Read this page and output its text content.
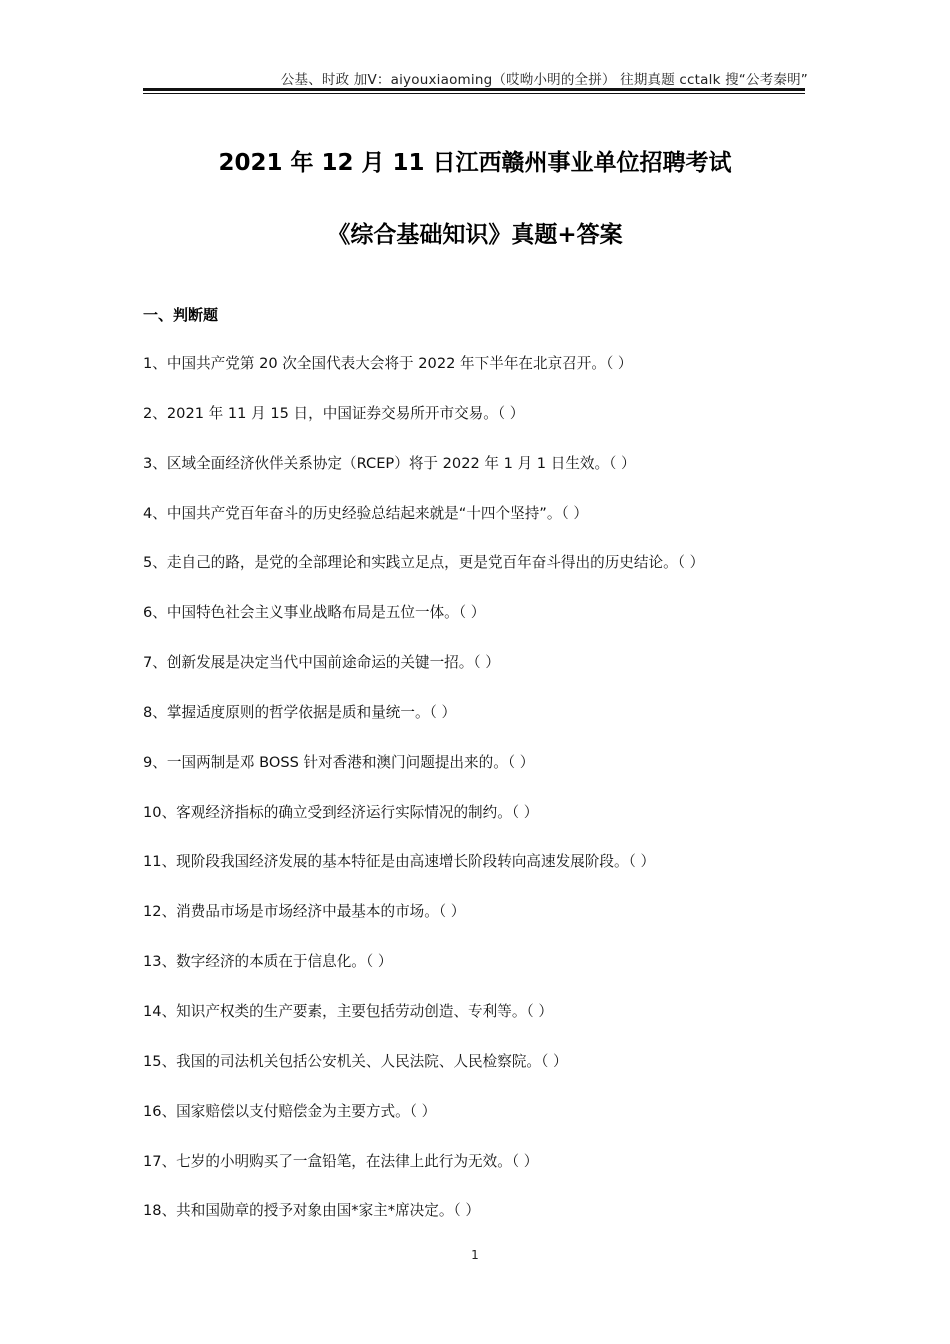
公基、时政 加V：aiyouxiaoming（哎呦小明的全拼） 往期真题 cctalk 搜“公考秦明”
2021 年 12 月 11 日江西赣州事业单位招聘考试
《综合基础知识》真题+答案
一、判断题
1、中国共产党第 20 次全国代表大会将于 2022 年下半年在北京召开。（ ）
2、2021 年 11 月 15 日，中国证券交易所开市交易。（ ）
3、区域全面经济伙伴关系协定（RCEP）将于 2022 年 1 月 1 日生效。（ ）
4、中国共产党百年奋斗的历史经验总结起来就是“十四个坚持”。（ ）
5、走自己的路，是党的全部理论和实践立足点，更是党百年奋斗得出的历史结论。（ ）
6、中国特色社会主义事业战略布局是五位一体。（ ）
7、创新发展是决定当代中国前途命运的关键一招。（ ）
8、掌握适度原则的哲学依据是质和量统一。（ ）
9、一国两制是邓 BOSS 针对香港和澳门问题提出来的。（ ）
10、客观经济指标的确立受到经济运行实际情况的制约。（ ）
11、现阶段我国经济发展的基本特征是由高速增长阶段转向高速发展阶段。（ ）
12、消费品市场是市场经济中最基本的市场。（ ）
13、数字经济的本质在于信息化。（ ）
14、知识产权类的生产要素，主要包括劳动创造、专利等。（ ）
15、我国的司法机关包括公安机关、人民法院、人民检察院。（ ）
16、国家赔偿以支付赔偿金为主要方式。（ ）
17、七岁的小明购买了一盒铅笔，在法律上此行为无效。（ ）
18、共和国勋章的授予对象由国*家主*席决定。（ ）
1
